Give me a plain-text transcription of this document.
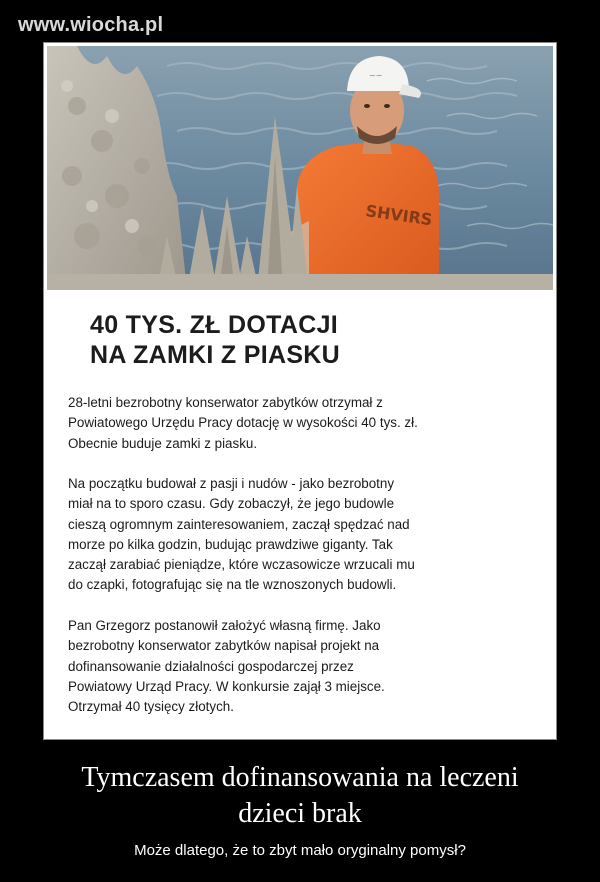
www.wiocha.pl
SHVIRS
~~
40 TYS. ZŁ DOTACJI
NA ZAMKI Z PIASKU

28-letni bezrobotny konserwator zabytków otrzymał z
Powiatowego Urzędu Pracy dotację w wysokości 40 tys. zł.
Obecnie buduje zamki z piasku.

Na początku budował z pasji i nudów - jako bezrobotny
miał na to sporo czasu. Gdy zobaczył, że jego budowle
cieszą ogromnym zainteresowaniem, zaczął spędzać nad
morze po kilka godzin, budując prawdziwe giganty. Tak
zaczął zarabiać pieniądze, które wczasowicze wrzucali mu
do czapki, fotografując się na tle wznoszonych budowli.

Pan Grzegorz postanowił założyć własną firmę. Jako
bezrobotny konserwator zabytków napisał projekt na
dofinansowanie działalności gospodarczej przez
Powiatowy Urząd Pracy. W konkursie zajął 3 miejsce.
Otrzymał 40 tysięcy złotych.

Tymczasem dofinansowania na leczeni
dzieci brak
Może dlatego, że to zbyt mało oryginalny pomysł?
